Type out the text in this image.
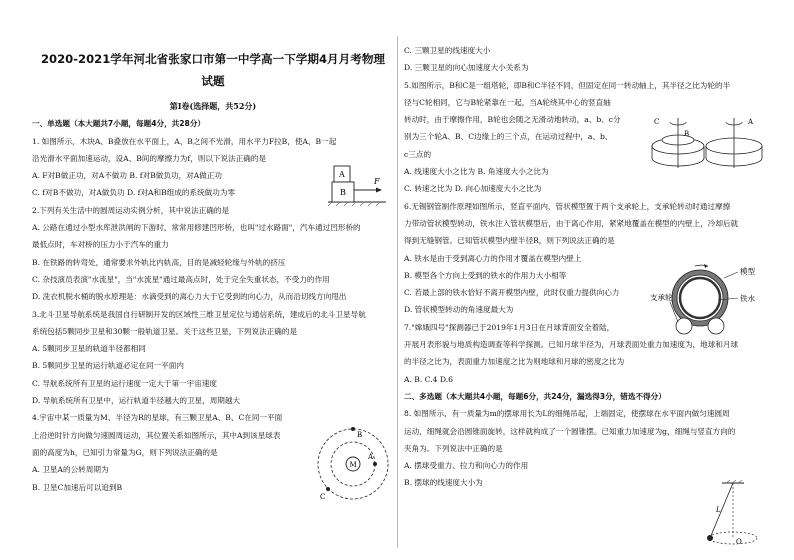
2020-2021学年河北省张家口市第一中学高一下学期4月月考物理
试题
第Ⅰ卷(选择题，共52分)
一、单选题（本大题共7小题，每题4分，共28分）
1. 如图所示，木块A、B叠放在水平面上，A、B之间不光滑，用水平力F拉B，使A、B一起
沿光滑水平面加速运动，设A、B间的摩擦力为f，则以下说法正确的是
A. F对B做正功，对A不做功 B. f对B做负功，对A做正功
C. f对B不做功，对A做负功 D. f对A和B组成的系统做功为零
2.下列有关生活中的圆周运动实例分析，其中说法正确的是
A. 公路在通过小型水库泄洪闸的下游时，常常用修建凹形桥，也叫"过水路面"，汽车通过凹形桥的
最低点时，车对桥的压力小于汽车的重力
B. 在铁路的转弯处，通常要求外轨比内轨高，目的是减轻轮缘与外轨的挤压
C. 杂技演员表演"水流星"，当"水流星"通过最高点时，处于完全失重状态，不受力的作用
D. 洗衣机脱水桶的脱水原理是：水滴受到的离心力大于它受到的向心力，从而沿切线方向甩出
3.北斗卫星导航系统是我国自行研制开发的区域性三维卫星定位与通信系统，建成后的北斗卫星导航
系统包括5颗同步卫星和30颗一般轨道卫星。关于这些卫星，下列说法正确的是
A. 5颗同步卫星的轨道半径都相同
B. 5颗同步卫星的运行轨道必定在同一平面内
C. 导航系统所有卫星的运行速度一定大于第一宇宙速度
D. 导航系统所有卫星中，运行轨道半径越大的卫星，周期越大
4.宇宙中某一质量为M、半径为R的星球，有三颗卫星A、B、C在同一平面
上沿逆时针方向做匀速圆周运动，其位置关系如图所示，其中A到该星球表
面的高度为h，已知引力常量为G，则下列说法正确的是
A. 卫星A的公转周期为
B. 卫星C加速后可以追到B
A
B
F
M
A
B
C
C. 三颗卫星的线速度大小
D. 三颗卫星的向心加速度大小关系为
5.如图所示，B和C是一组塔轮，即B和C半径不同，但固定在同一转动轴上，其半径之比为轮的半
径与C轮相同，它与B轮紧靠在一起，当A轮绕其中心的竖直轴
转动时，由于摩擦作用，B轮也会随之无滑动地转动，a、b、c分
别为三个轮A、B、C边缘上的三个点，在运动过程中，a、b、
c三点的
A. 线速度大小之比为 B. 角速度大小之比为
C. 转速之比为 D. 向心加速度大小之比为
6.无锡钢管制作原理如图所示，竖直平面内，管状模型置于两个支承轮上，支承轮转动时通过摩擦
力带动管状模型转动，铁水注入管状模型后，由于离心作用，紧紧地覆盖在模型的内壁上，冷却后就
得到无缝钢管。已知管状模型内壁半径R，则下列说法正确的是
A. 铁水是由于受到离心力的作用才覆盖在模型内壁上
B. 模型各个方向上受到的铁水的作用力大小相等
C. 若最上部的铁水恰好不离开模型内壁，此时仅重力提供向心力
D. 管状模型转动的角速度最大为
7."嫦娥四号"探测器已于2019年1月3日在月球背面安全着陆，
开展月表形貌与地质构造调查等科学探测。已知月球半径为，月球表面处重力加速度为，地球和月球
的半径之比为，表面重力加速度之比为则地球和月球的密度之比为
A. B. C.4 D.6
二、多选题（本大题共4小题，每题6分，共24分，漏选得3分，错选不得分）
8. 如图所示，有一质量为m的摆球用长为L的细绳吊起，上端固定，使摆球在水平面内做匀速圆周
运动，细绳就会沿圆锥面旋转，这样就构成了一个圆锥摆。已知重力加速度为g，细绳与竖直方向的
夹角为。下列说法中正确的是
A. 摆球受重力、拉力和向心力的作用
B. 摆球的线速度大小为
C
B
A
模型
铁水
支承轮
L
O
